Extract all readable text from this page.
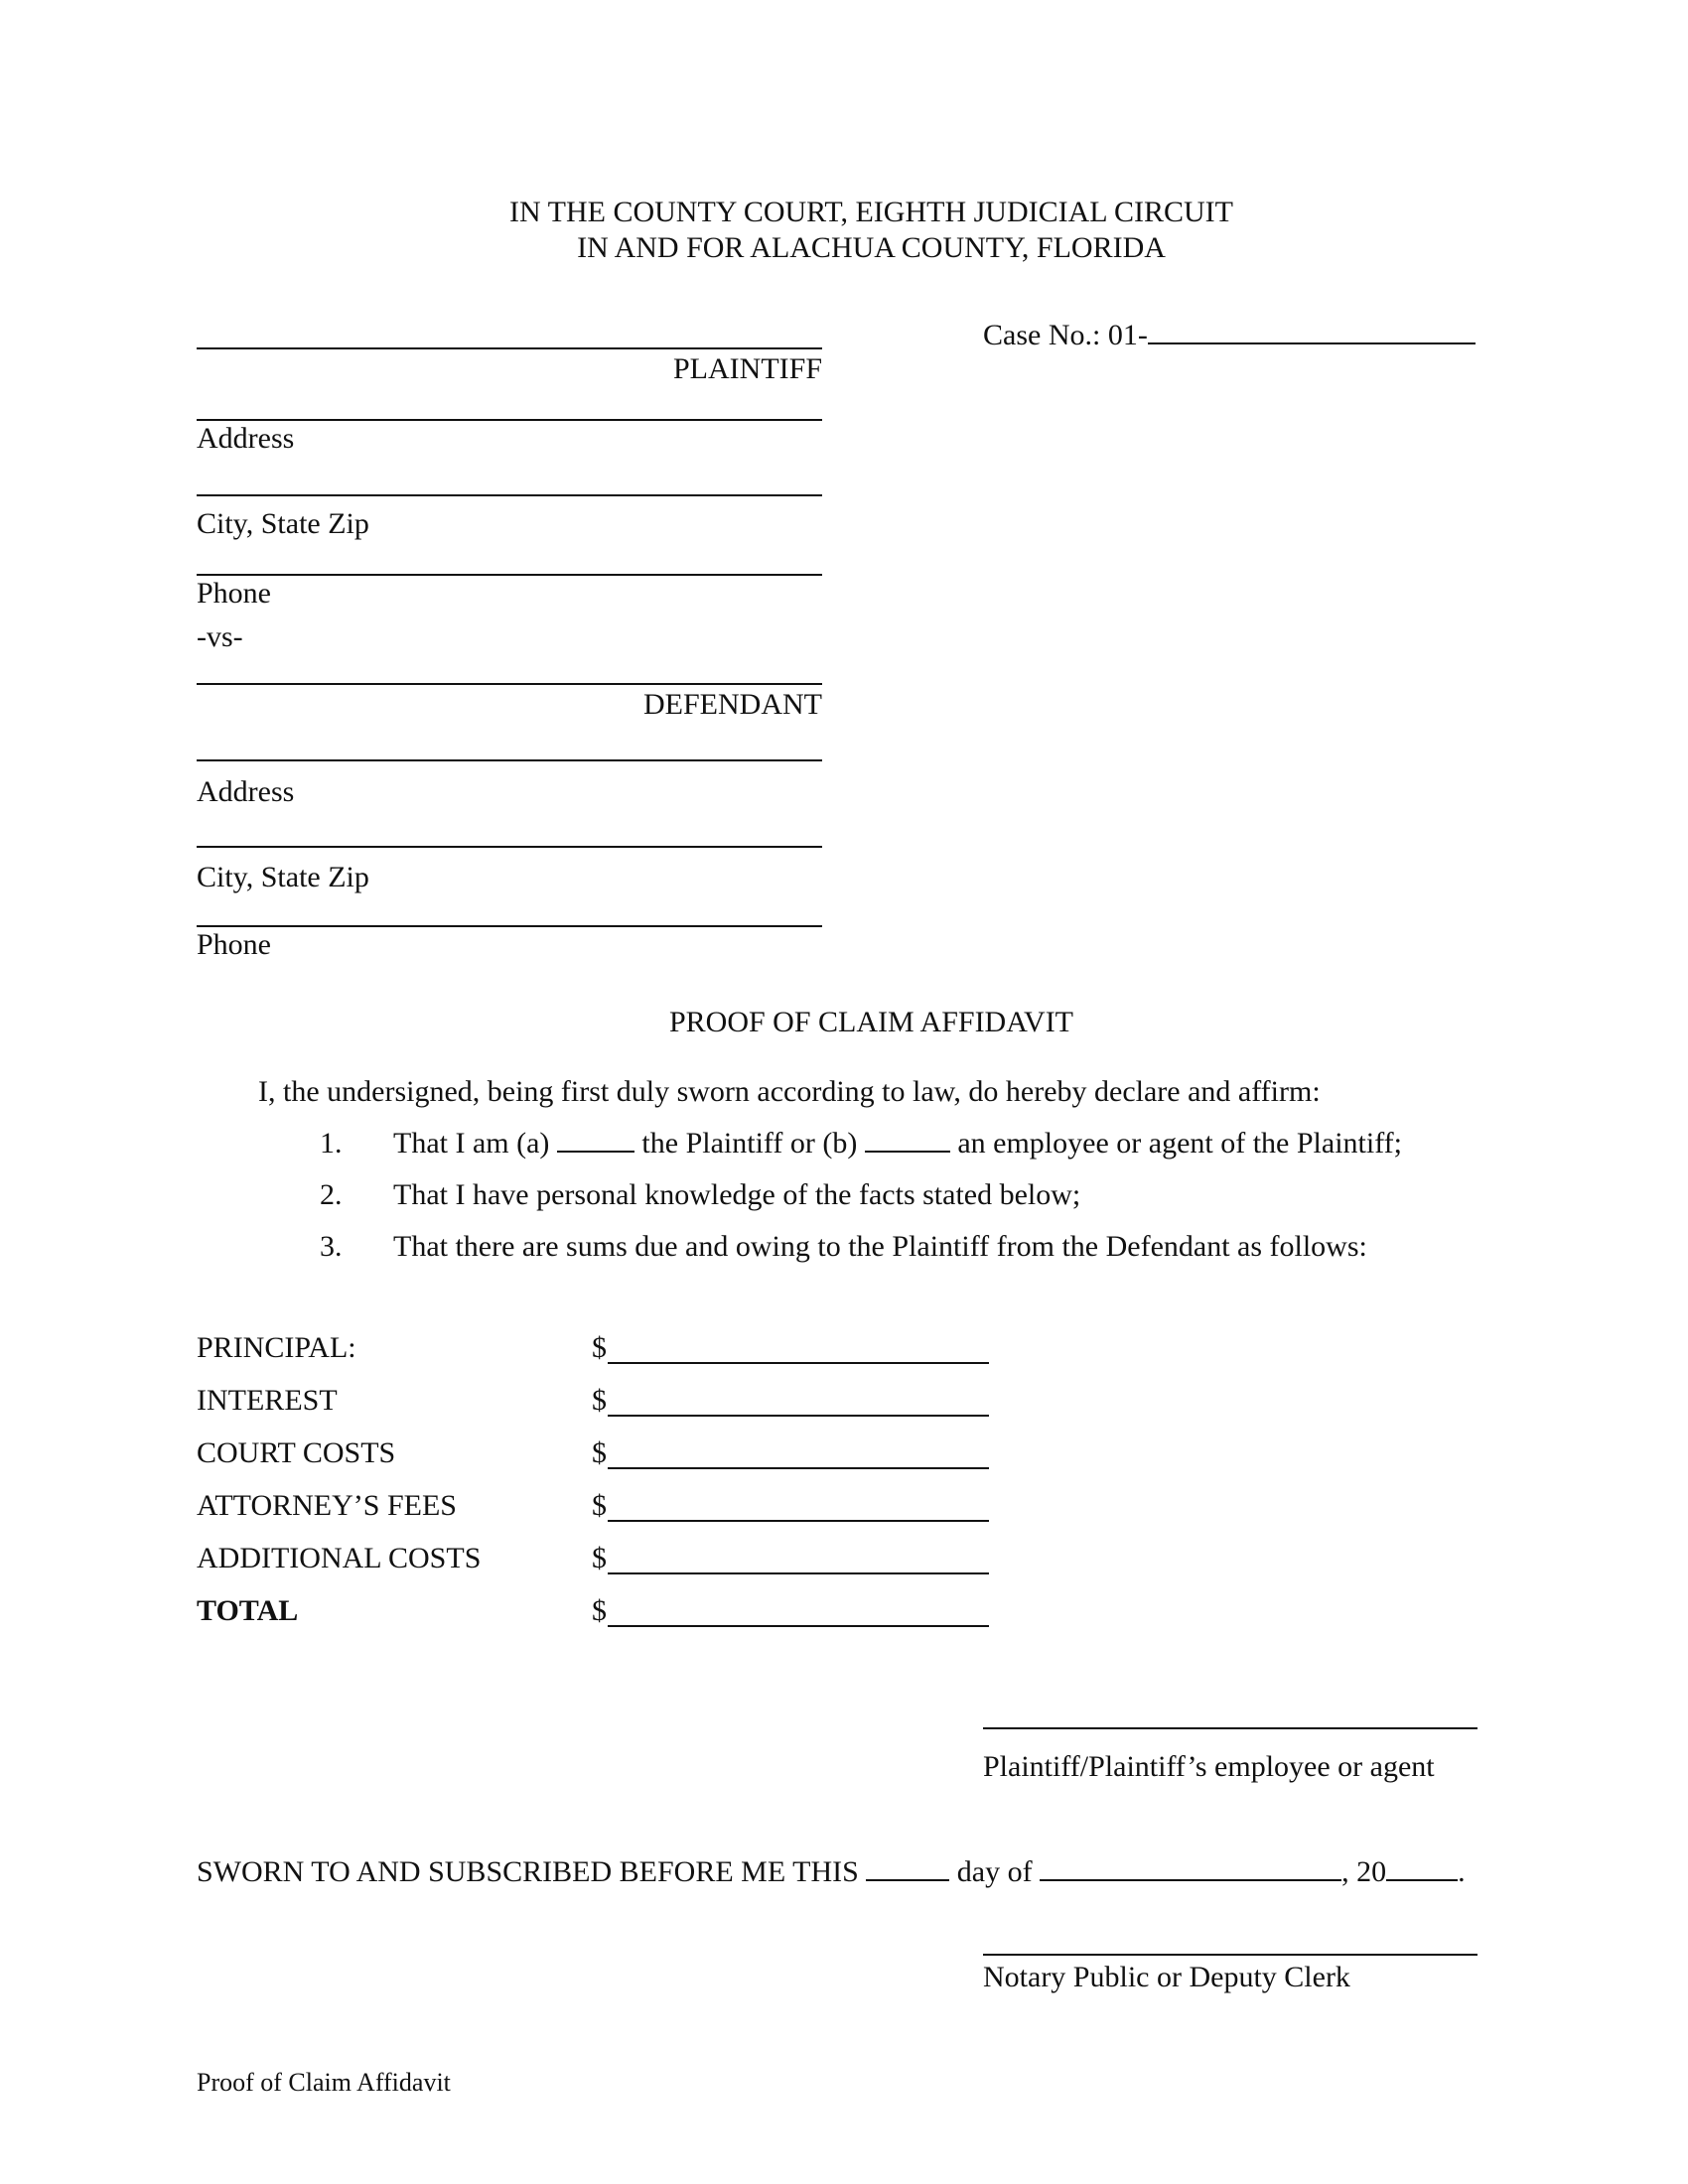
IN THE COUNTY COURT, EIGHTH JUDICIAL CIRCUIT
IN AND FOR ALACHUA COUNTY, FLORIDA
Case No.: 01-
PLAINTIFF
Address
City, State Zip
Phone
-vs-
DEFENDANT
Address
City, State Zip
Phone
PROOF OF CLAIM AFFIDAVIT
I, the undersigned, being first duly sworn according to law, do hereby declare and affirm:
1. That I am (a)	the Plaintiff or (b)	an employee or agent of the Plaintiff;
2. That I have personal knowledge of the facts stated below;
3. That there are sums due and owing to the Plaintiff from the Defendant as follows:
PRINCIPAL:	$
INTEREST	$
COURT COSTS	$
ATTORNEY’S FEES	$
ADDITIONAL COSTS	$
TOTAL	$
Plaintiff/Plaintiff’s employee or agent
SWORN TO AND SUBSCRIBED BEFORE ME THIS	day of	, 20 .
Notary Public or Deputy Clerk
Proof of Claim Affidavit
